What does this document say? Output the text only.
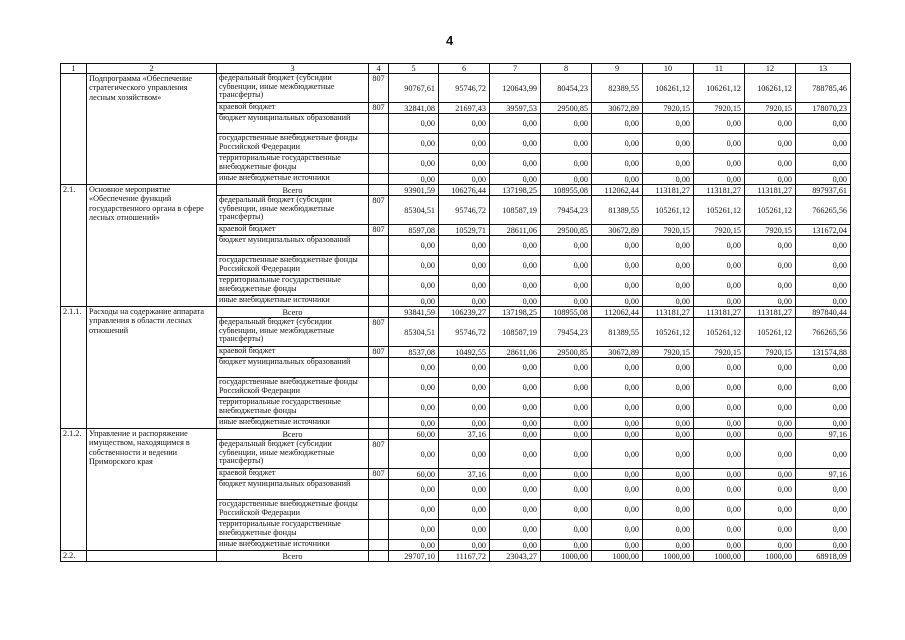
4
1	2	3	4	5	6	7	8	9	10	11	12	13
	Подпрограмма «Обеспечение стратегического управления лесным хозяйством»	федеральный бюджет (субсидии субвенции, иные межбюджетные трансферты)	807	90767,61	95746,72	120643,99	80454,23	82389,55	106261,12	106261,12	106261,12	788785,46
		краевой бюджет	807	32841,08	21697,43	39597,53	29500,85	30672,89	7920,15	7920,15	7920,15	178070,23
		бюджет муниципальных образований		0,00	0,00	0,00	0,00	0,00	0,00	0,00	0,00	0,00
		государственные внебюджетные фонды Российской Федерации		0,00	0,00	0,00	0,00	0,00	0,00	0,00	0,00	0,00
		территориальные государственные внебюджетные фонды		0,00	0,00	0,00	0,00	0,00	0,00	0,00	0,00	0,00
		иные внебюджетные источники		0,00	0,00	0,00	0,00	0,00	0,00	0,00	0,00	0,00
2.1.	Основное мероприятие «Обеспечение функций государственного органа в сфере лесных отношений»	Всего		93901,59	106276,44	137198,25	108955,08	112062,44	113181,27	113181,27	113181,27	897937,61
		федеральный бюджет (субсидии субвенции, иные межбюджетные трансферты)	807	85304,51	95746,72	108587,19	79454,23	81389,55	105261,12	105261,12	105261,12	766265,56
		краевой бюджет	807	8597,08	10529,71	28611,06	29500,85	30672,89	7920,15	7920,15	7920,15	131672,04
		бюджет муниципальных образований		0,00	0,00	0,00	0,00	0,00	0,00	0,00	0,00	0,00
		государственные внебюджетные фонды Российской Федерации		0,00	0,00	0,00	0,00	0,00	0,00	0,00	0,00	0,00
		территориальные государственные внебюджетные фонды		0,00	0,00	0,00	0,00	0,00	0,00	0,00	0,00	0,00
		иные внебюджетные источники		0,00	0,00	0,00	0,00	0,00	0,00	0,00	0,00	0,00
2.1.1.	Расходы на содержание аппарата управления в области лесных отношений	Всего		93841,59	106239,27	137198,25	108955,08	112062,44	113181,27	113181,27	113181,27	897840,44
		федеральный бюджет (субсидии субвенции, иные межбюджетные трансферты)	807	85304,51	95746,72	108587,19	79454,23	81389,55	105261,12	105261,12	105261,12	766265,56
		краевой бюджет	807	8537,08	10492,55	28611,06	29500,85	30672,89	7920,15	7920,15	7920,15	131574,88
		бюджет муниципальных образований		0,00	0,00	0,00	0,00	0,00	0,00	0,00	0,00	0,00
		государственные внебюджетные фонды Российской Федерации		0,00	0,00	0,00	0,00	0,00	0,00	0,00	0,00	0,00
		территориальные государственные внебюджетные фонды		0,00	0,00	0,00	0,00	0,00	0,00	0,00	0,00	0,00
		иные внебюджетные источники		0,00	0,00	0,00	0,00	0,00	0,00	0,00	0,00	0,00
2.1.2.	Управление и распоряжение имуществом, находящимся в собственности и ведении Приморского края	Всего		60,00	37,16	0,00	0,00	0,00	0,00	0,00	0,00	97,16
		федеральный бюджет (субсидии субвенции, иные межбюджетные трансферты)	807	0,00	0,00	0,00	0,00	0,00	0,00	0,00	0,00	0,00
		краевой бюджет	807	60,00	37,16	0,00	0,00	0,00	0,00	0,00	0,00	97,16
		бюджет муниципальных образований		0,00	0,00	0,00	0,00	0,00	0,00	0,00	0,00	0,00
		государственные внебюджетные фонды Российской Федерации		0,00	0,00	0,00	0,00	0,00	0,00	0,00	0,00	0,00
		территориальные государственные внебюджетные фонды		0,00	0,00	0,00	0,00	0,00	0,00	0,00	0,00	0,00
		иные внебюджетные источники		0,00	0,00	0,00	0,00	0,00	0,00	0,00	0,00	0,00
2.2.		Всего		29707,10	11167,72	23043,27	1000,00	1000,00	1000,00	1000,00	1000,00	68918,09
